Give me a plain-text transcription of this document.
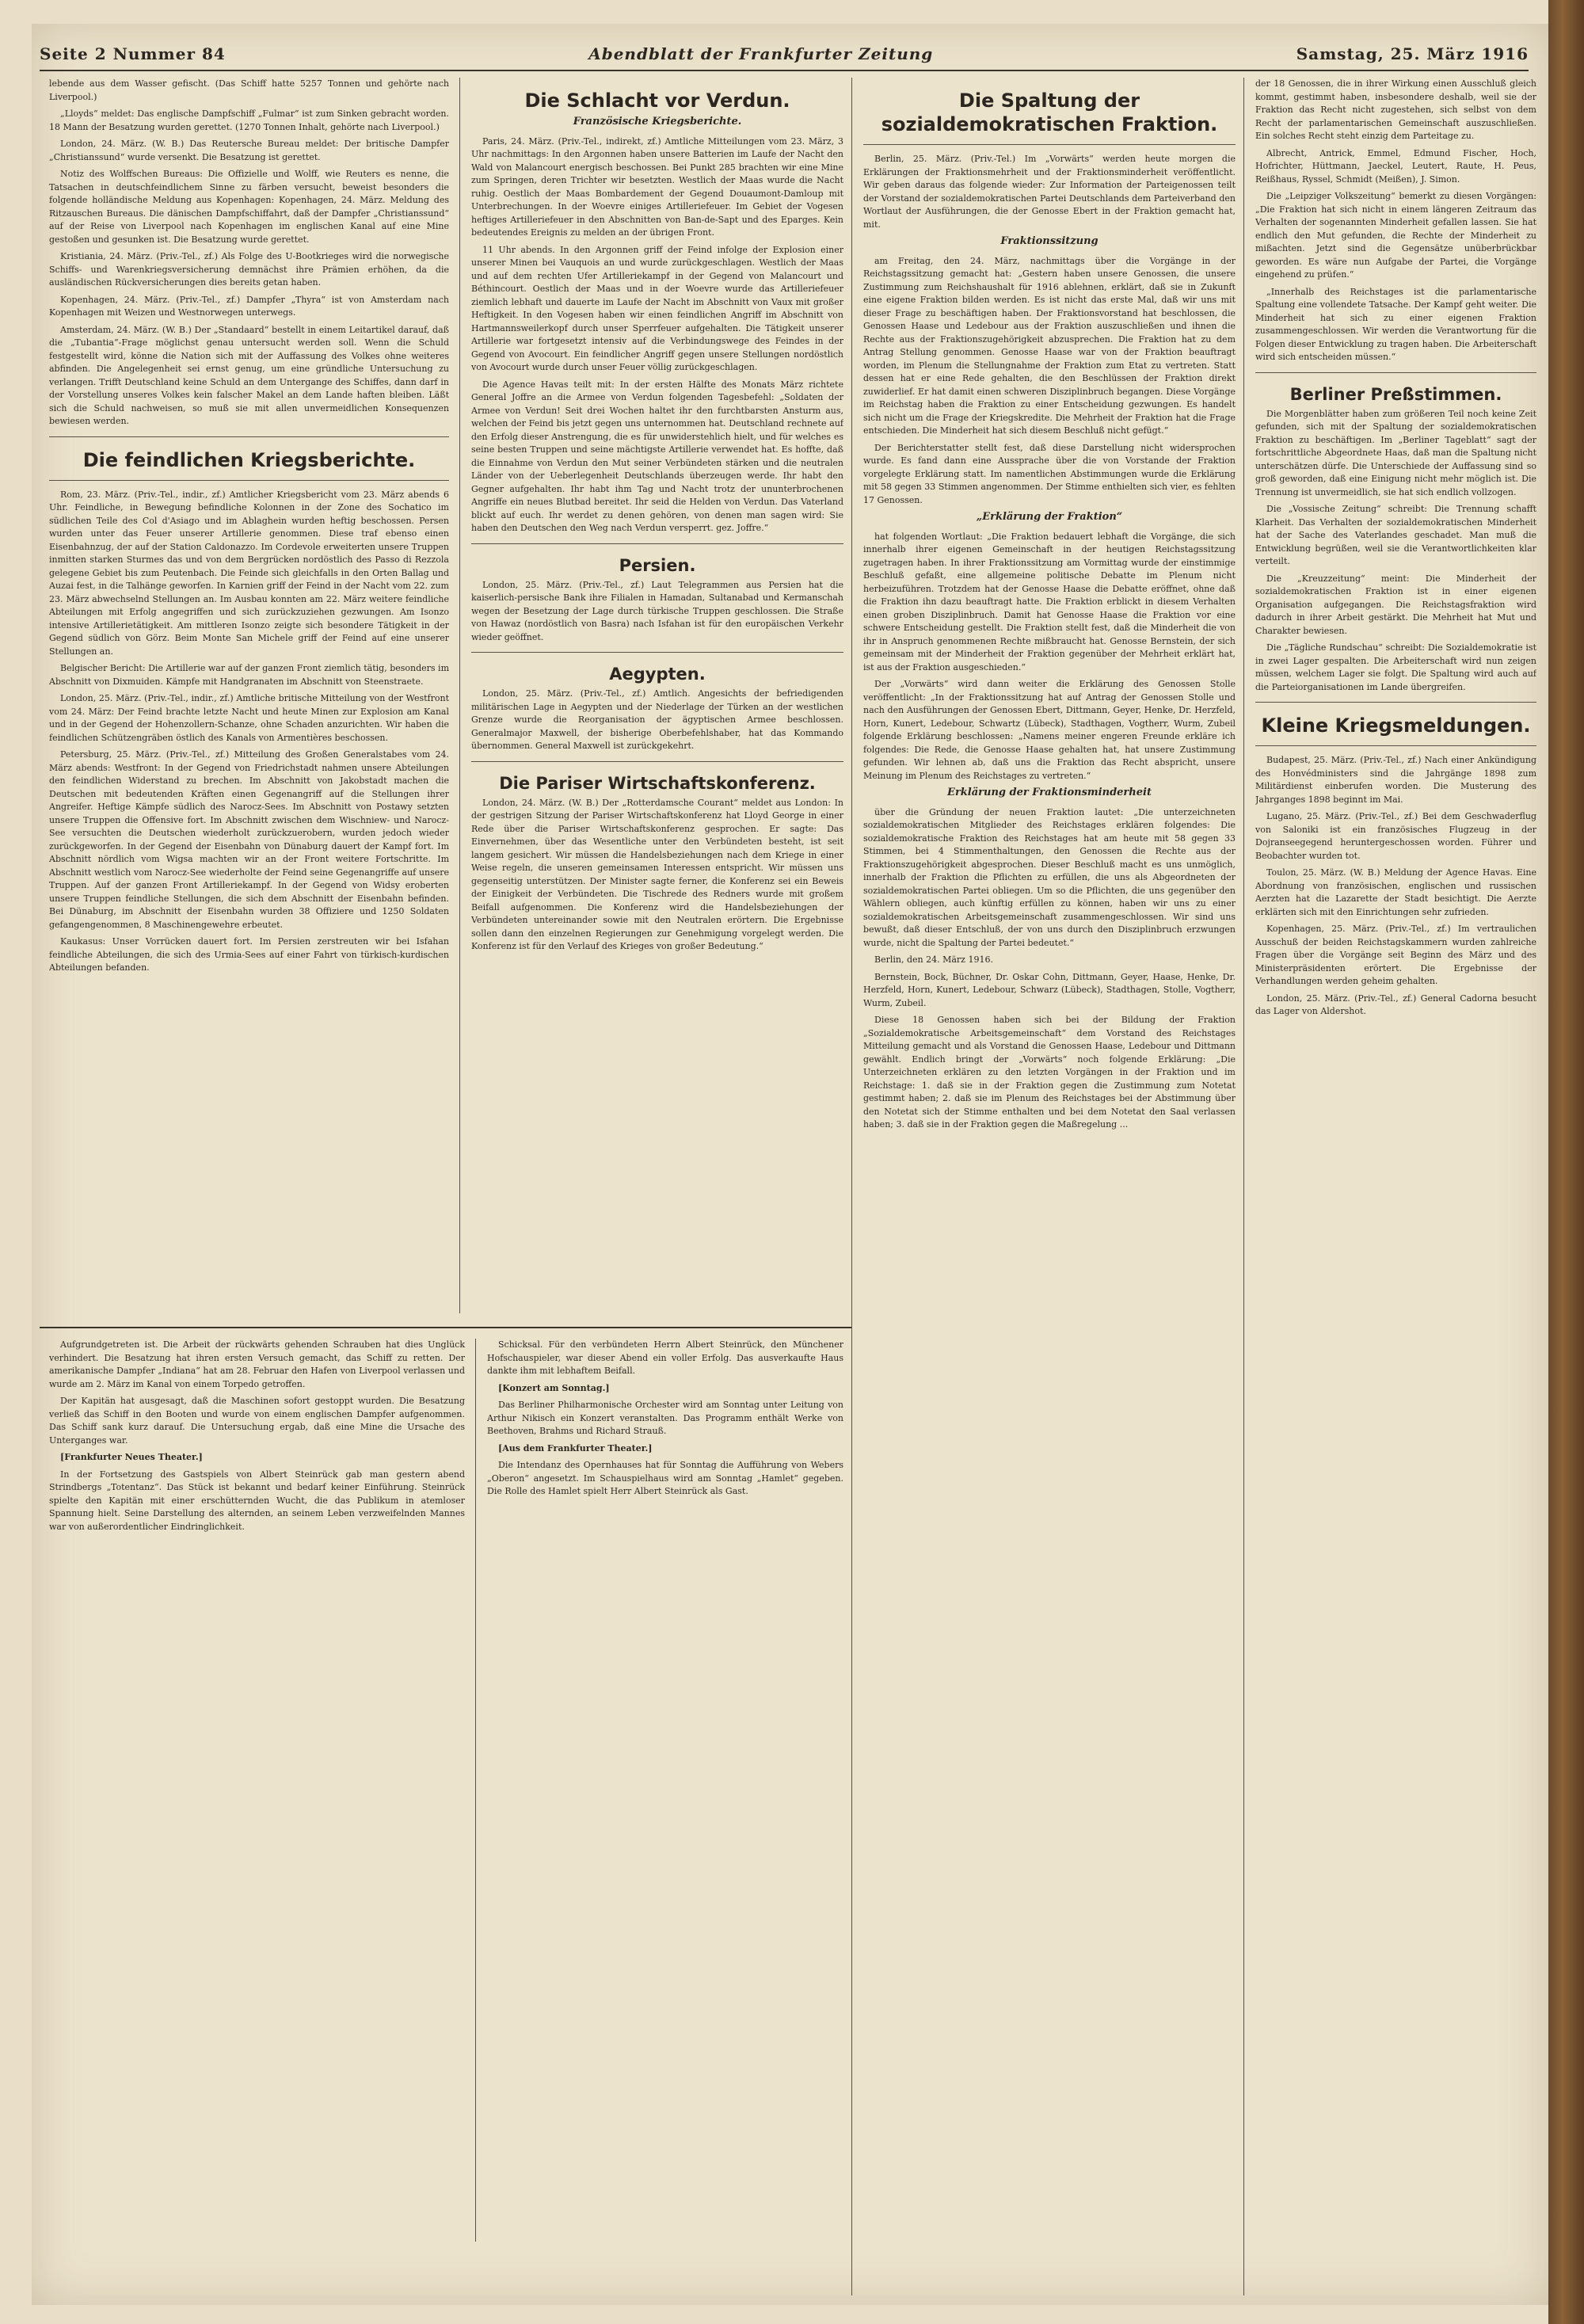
Seite 2 Nummer 84	Abendblatt der Frankfurter Zeitung	Samstag, 25. März 1916

lebende aus dem Wasser gefischt. (Das Schiff hatte 5257 Tonnen und gehörte nach Liverpool.)

„Lloyds“ meldet: Das englische Dampfschiff „Fulmar“ ist zum Sinken gebracht worden. 18 Mann der Besatzung wurden gerettet. (1270 Tonnen Inhalt, gehörte nach Liverpool.)

London, 24. März. (W. B.) Das Reutersche Bureau meldet: Der britische Dampfer „Christianssund“ wurde versenkt. Die Besatzung ist gerettet.

Notiz des Wolffschen Bureaus: Die Offizielle und Wolff, wie Reuters es nenne, die Tatsachen in deutschfeindlichem Sinne zu färben versucht, beweist besonders die folgende holländische Meldung aus Kopenhagen: Kopenhagen, 24. März. Meldung des Ritzauschen Bureaus. Die dänischen Dampfschiffahrt, daß der Dampfer „Christianssund“ auf der Reise von Liverpool nach Kopenhagen im englischen Kanal auf eine Mine gestoßen und gesunken ist. Die Besatzung wurde gerettet.

Kristiania, 24. März. (Priv.-Tel., zf.) Als Folge des U-Bootkrieges wird die norwegische Schiffs- und Warenkriegsversicherung demnächst ihre Prämien erhöhen, da die ausländischen Rückversicherungen dies bereits getan haben.

Kopenhagen, 24. März. (Priv.-Tel., zf.) Dampfer „Thyra“ ist von Amsterdam nach Kopenhagen mit Weizen und Westnorwegen unterwegs.

Amsterdam, 24. März. (W. B.) Der „Standaard“ bestellt in einem Leitartikel darauf, daß die „Tubantia“-Frage möglichst genau untersucht werden soll. Wenn die Schuld festgestellt wird, könne die Nation sich mit der Auffassung des Volkes ohne weiteres abfinden. Die Angelegenheit sei ernst genug, um eine gründliche Untersuchung zu verlangen. Trifft Deutschland keine Schuld an dem Untergange des Schiffes, dann darf in der Vorstellung unseres Volkes kein falscher Makel an dem Lande haften bleiben. Läßt sich die Schuld nachweisen, so muß sie mit allen unvermeidlichen Konsequenzen bewiesen werden.

Die feindlichen Kriegsberichte.

Rom, 23. März. (Priv.-Tel., indir., zf.) Amtlicher Kriegsbericht vom 23. März abends 6 Uhr. Feindliche, in Bewegung befindliche Kolonnen in der Zone des Sochatico im südlichen Teile des Col d'Asiago und im Ablaghein wurden heftig beschossen. Persen wurden unter das Feuer unserer Artillerie genommen. Diese traf ebenso einen Eisenbahnzug, der auf der Station Caldonazzo. Im Cordevole erweiterten unsere Truppen inmitten starken Sturmes das und von dem Bergrücken nordöstlich des Passo di Rezzola gelegene Gebiet bis zum Peutenbach. Die Feinde sich gleichfalls in den Orten Ballag und Auzai fest, in die Talhänge geworfen. In Karnien griff der Feind in der Nacht vom 22. zum 23. März abwechselnd Stellungen an. Im Ausbau konnten am 22. März weitere feindliche Abteilungen mit Erfolg angegriffen und sich zurückzuziehen gezwungen. Am Isonzo intensive Artillerietätigkeit. Am mittleren Isonzo zeigte sich besondere Tätigkeit in der Gegend südlich von Görz. Beim Monte San Michele griff der Feind auf eine unserer Stellungen an.

Belgischer Bericht: Die Artillerie war auf der ganzen Front ziemlich tätig, besonders im Abschnitt von Dixmuiden. Kämpfe mit Handgranaten im Abschnitt von Steenstraete.

London, 25. März. (Priv.-Tel., indir., zf.) Amtliche britische Mitteilung von der Westfront vom 24. März: Der Feind brachte letzte Nacht und heute Minen zur Explosion am Kanal und in der Gegend der Hohenzollern-Schanze, ohne Schaden anzurichten. Wir haben die feindlichen Schützengräben östlich des Kanals von Armentières beschossen.

Petersburg, 25. März. (Priv.-Tel., zf.) Mitteilung des Großen Generalstabes vom 24. März abends: Westfront: In der Gegend von Friedrichstadt nahmen unsere Abteilungen den feindlichen Widerstand zu brechen. Im Abschnitt von Jakobstadt machen die Deutschen mit bedeutenden Kräften einen Gegenangriff auf die Stellungen ihrer Angreifer. Heftige Kämpfe südlich des Narocz-Sees. Im Abschnitt von Postawy setzten unsere Truppen die Offensive fort. Im Abschnitt zwischen dem Wischniew- und Narocz-See versuchten die Deutschen wiederholt zurückzuerobern, wurden jedoch wieder zurückgeworfen. In der Gegend der Eisenbahn von Dünaburg dauert der Kampf fort. Im Abschnitt nördlich vom Wigsa machten wir an der Front weitere Fortschritte. Im Abschnitt westlich vom Narocz-See wiederholte der Feind seine Gegenangriffe auf unsere Truppen. Auf der ganzen Front Artilleriekampf. In der Gegend von Widsy eroberten unsere Truppen feindliche Stellungen, die sich dem Abschnitt der Eisenbahn befinden. Bei Dünaburg, im Abschnitt der Eisenbahn wurden 38 Offiziere und 1250 Soldaten gefangengenommen, 8 Maschinengewehre erbeutet.

Kaukasus: Unser Vorrücken dauert fort. Im Persien zerstreuten wir bei Isfahan feindliche Abteilungen, die sich des Urmia-Sees auf einer Fahrt von türkisch-kurdischen Abteilungen befanden.

Die Schlacht vor Verdun.
Französische Kriegsberichte.

Paris, 24. März. (Priv.-Tel., indirekt, zf.) Amtliche Mitteilungen vom 23. März, 3 Uhr nachmittags: In den Argonnen haben unsere Batterien im Laufe der Nacht den Wald von Malancourt energisch beschossen. Bei Punkt 285 brachten wir eine Mine zum Springen, deren Trichter wir besetzten. Westlich der Maas wurde die Nacht ruhig. Oestlich der Maas Bombardement der Gegend Douaumont-Damloup mit Unterbrechungen. In der Woevre einiges Artilleriefeuer. Im Gebiet der Vogesen heftiges Artilleriefeuer in den Abschnitten von Ban-de-Sapt und des Eparges. Kein bedeutendes Ereignis zu melden an der übrigen Front.

11 Uhr abends. In den Argonnen griff der Feind infolge der Explosion einer unserer Minen bei Vauquois an und wurde zurückgeschlagen. Westlich der Maas und auf dem rechten Ufer Artilleriekampf in der Gegend von Malancourt und Béthincourt. Oestlich der Maas und in der Woevre wurde das Artilleriefeuer ziemlich lebhaft und dauerte im Laufe der Nacht im Abschnitt von Vaux mit großer Heftigkeit. In den Vogesen haben wir einen feindlichen Angriff im Abschnitt von Hartmannsweilerkopf durch unser Sperrfeuer aufgehalten. Die Tätigkeit unserer Artillerie war fortgesetzt intensiv auf die Verbindungswege des Feindes in der Gegend von Avocourt. Ein feindlicher Angriff gegen unsere Stellungen nordöstlich von Avocourt wurde durch unser Feuer völlig zurückgeschlagen.

Die Agence Havas teilt mit: In der ersten Hälfte des Monats März richtete General Joffre an die Armee von Verdun folgenden Tagesbefehl: „Soldaten der Armee von Verdun! Seit drei Wochen haltet ihr den furchtbarsten Ansturm aus, welchen der Feind bis jetzt gegen uns unternommen hat. Deutschland rechnete auf den Erfolg dieser Anstrengung, die es für unwiderstehlich hielt, und für welches es seine besten Truppen und seine mächtigste Artillerie verwendet hat. Es hoffte, daß die Einnahme von Verdun den Mut seiner Verbündeten stärken und die neutralen Länder von der Ueberlegenheit Deutschlands überzeugen werde. Ihr habt den Gegner aufgehalten. Ihr habt ihm Tag und Nacht trotz der ununterbrochenen Angriffe ein neues Blutbad bereitet. Ihr seid die Helden von Verdun. Das Vaterland blickt auf euch. Ihr werdet zu denen gehören, von denen man sagen wird: Sie haben den Deutschen den Weg nach Verdun versperrt. gez. Joffre.“

Persien.

London, 25. März. (Priv.-Tel., zf.) Laut Telegrammen aus Persien hat die kaiserlich-persische Bank ihre Filialen in Hamadan, Sultanabad und Kermanschah wegen der Besetzung der Lage durch türkische Truppen geschlossen. Die Straße von Hawaz (nordöstlich von Basra) nach Isfahan ist für den europäischen Verkehr wieder geöffnet.

Aegypten.

London, 25. März. (Priv.-Tel., zf.) Amtlich. Angesichts der befriedigenden militärischen Lage in Aegypten und der Niederlage der Türken an der westlichen Grenze wurde die Reorganisation der ägyptischen Armee beschlossen. Generalmajor Maxwell, der bisherige Oberbefehlshaber, hat das Kommando übernommen. General Maxwell ist zurückgekehrt.

Die Pariser Wirtschaftskonferenz.

London, 24. März. (W. B.) Der „Rotterdamsche Courant“ meldet aus London: In der gestrigen Sitzung der Pariser Wirtschaftskonferenz hat Lloyd George in einer Rede über die Pariser Wirtschaftskonferenz gesprochen. Er sagte: Das Einvernehmen, über das Wesentliche unter den Verbündeten besteht, ist seit langem gesichert. Wir müssen die Handelsbeziehungen nach dem Kriege in einer Weise regeln, die unseren gemeinsamen Interessen entspricht. Wir müssen uns gegenseitig unterstützen. Der Minister sagte ferner, die Konferenz sei ein Beweis der Einigkeit der Verbündeten. Die Tischrede des Redners wurde mit großem Beifall aufgenommen. Die Konferenz wird die Handelsbeziehungen der Verbündeten untereinander sowie mit den Neutralen erörtern. Die Ergebnisse sollen dann den einzelnen Regierungen zur Genehmigung vorgelegt werden. Die Konferenz ist für den Verlauf des Krieges von großer Bedeutung.“

Die Spaltung der sozialdemokratischen Fraktion.

Berlin, 25. März. (Priv.-Tel.) Im „Vorwärts“ werden heute morgen die Erklärungen der Fraktionsmehrheit und der Fraktionsminderheit veröffentlicht. Wir geben daraus das folgende wieder: Zur Information der Parteigenossen teilt der Vorstand der sozialdemokratischen Partei Deutschlands dem Parteiverband den Wortlaut der Ausführungen, die der Genosse Ebert in der Fraktion gemacht hat, mit.

Fraktionssitzung

am Freitag, den 24. März, nachmittags über die Vorgänge in der Reichstagssitzung gemacht hat: „Gestern haben unsere Genossen, die unsere Zustimmung zum Reichshaushalt für 1916 ablehnen, erklärt, daß sie in Zukunft eine eigene Fraktion bilden werden. Es ist nicht das erste Mal, daß wir uns mit dieser Frage zu beschäftigen haben. Der Fraktionsvorstand hat beschlossen, die Genossen Haase und Ledebour aus der Fraktion auszuschließen und ihnen die Rechte aus der Fraktionszugehörigkeit abzusprechen. Die Fraktion hat zu dem Antrag Stellung genommen. Genosse Haase war von der Fraktion beauftragt worden, im Plenum die Stellungnahme der Fraktion zum Etat zu vertreten. Statt dessen hat er eine Rede gehalten, die den Beschlüssen der Fraktion direkt zuwiderlief. Er hat damit einen schweren Disziplinbruch begangen. Diese Vorgänge im Reichstag haben die Fraktion zu einer Entscheidung gezwungen. Es handelt sich nicht um die Frage der Kriegskredite. Die Mehrheit der Fraktion hat die Frage entschieden. Die Minderheit hat sich diesem Beschluß nicht gefügt.“

Der Berichterstatter stellt fest, daß diese Darstellung nicht widersprochen wurde. Es fand dann eine Aussprache über die von Vorstande der Fraktion vorgelegte Erklärung statt. Im namentlichen Abstimmungen wurde die Erklärung mit 58 gegen 33 Stimmen angenommen. Der Stimme enthielten sich vier, es fehlten 17 Genossen.

„Erklärung der Fraktion“

hat folgenden Wortlaut: „Die Fraktion bedauert lebhaft die Vorgänge, die sich innerhalb ihrer eigenen Gemeinschaft in der heutigen Reichstagssitzung zugetragen haben. In ihrer Fraktionssitzung am Vormittag wurde der einstimmige Beschluß gefaßt, eine allgemeine politische Debatte im Plenum nicht herbeizuführen. Trotzdem hat der Genosse Haase die Debatte eröffnet, ohne daß die Fraktion ihn dazu beauftragt hatte. Die Fraktion erblickt in diesem Verhalten einen groben Disziplinbruch. Damit hat Genosse Haase die Fraktion vor eine schwere Entscheidung gestellt. Die Fraktion stellt fest, daß die Minderheit die von ihr in Anspruch genommenen Rechte mißbraucht hat. Genosse Bernstein, der sich gemeinsam mit der Minderheit der Fraktion gegenüber der Mehrheit erklärt hat, ist aus der Fraktion ausgeschieden.“

Der „Vorwärts“ wird dann weiter die Erklärung des Genossen Stolle veröffentlicht: „In der Fraktionssitzung hat auf Antrag der Genossen Stolle und nach den Ausführungen der Genossen Ebert, Dittmann, Geyer, Henke, Dr. Herzfeld, Horn, Kunert, Ledebour, Schwartz (Lübeck), Stadthagen, Vogtherr, Wurm, Zubeil folgende Erklärung beschlossen: „Namens meiner engeren Freunde erkläre ich folgendes: Die Rede, die Genosse Haase gehalten hat, hat unsere Zustimmung gefunden. Wir lehnen ab, daß uns die Fraktion das Recht abspricht, unsere Meinung im Plenum des Reichstages zu vertreten.“

Erklärung der Fraktionsminderheit

über die Gründung der neuen Fraktion lautet: „Die unterzeichneten sozialdemokratischen Mitglieder des Reichstages erklären folgendes: Die sozialdemokratische Fraktion des Reichstages hat am heute mit 58 gegen 33 Stimmen, bei 4 Stimmenthaltungen, den Genossen die Rechte aus der Fraktionszugehörigkeit abgesprochen. Dieser Beschluß macht es uns unmöglich, innerhalb der Fraktion die Pflichten zu erfüllen, die uns als Abgeordneten der sozialdemokratischen Partei obliegen. Um so die Pflichten, die uns gegenüber den Wählern obliegen, auch künftig erfüllen zu können, haben wir uns zu einer sozialdemokratischen Arbeitsgemeinschaft zusammengeschlossen. Wir sind uns bewußt, daß dieser Entschluß, der von uns durch den Disziplinbruch erzwungen wurde, nicht die Spaltung der Partei bedeutet.“

Berlin, den 24. März 1916.

Bernstein, Bock, Büchner, Dr. Oskar Cohn, Dittmann, Geyer, Haase, Henke, Dr. Herzfeld, Horn, Kunert, Ledebour, Schwarz (Lübeck), Stadthagen, Stolle, Vogtherr, Wurm, Zubeil.

Diese 18 Genossen haben sich bei der Bildung der Fraktion „Sozialdemokratische Arbeitsgemeinschaft“ dem Vorstand des Reichstages Mitteilung gemacht und als Vorstand die Genossen Haase, Ledebour und Dittmann gewählt. Endlich bringt der „Vorwärts“ noch folgende Erklärung: „Die Unterzeichneten erklären zu den letzten Vorgängen in der Fraktion und im Reichstage: 1. daß sie in der Fraktion gegen die Zustimmung zum Notetat gestimmt haben; 2. daß sie im Plenum des Reichstages bei der Abstimmung über den Notetat sich der Stimme enthalten und bei dem Notetat den Saal verlassen haben; 3. daß sie in der Fraktion gegen die Maßregelung ...

der 18 Genossen, die in ihrer Wirkung einen Ausschluß gleich kommt, gestimmt haben, insbesondere deshalb, weil sie der Fraktion das Recht nicht zugestehen, sich selbst von dem Recht der parlamentarischen Gemeinschaft auszuschließen. Ein solches Recht steht einzig dem Parteitage zu.

Albrecht, Antrick, Emmel, Edmund Fischer, Hoch, Hofrichter, Hüttmann, Jaeckel, Leutert, Raute, H. Peus, Reißhaus, Ryssel, Schmidt (Meißen), J. Simon.

Die „Leipziger Volkszeitung“ bemerkt zu diesen Vorgängen: „Die Fraktion hat sich nicht in einem längeren Zeitraum das Verhalten der sogenannten Minderheit gefallen lassen. Sie hat endlich den Mut gefunden, die Rechte der Minderheit zu mißachten. Jetzt sind die Gegensätze unüberbrückbar geworden. Es wäre nun Aufgabe der Partei, die Vorgänge eingehend zu prüfen.“

„Innerhalb des Reichstages ist die parlamentarische Spaltung eine vollendete Tatsache. Der Kampf geht weiter. Die Minderheit hat sich zu einer eigenen Fraktion zusammengeschlossen. Wir werden die Verantwortung für die Folgen dieser Entwicklung zu tragen haben. Die Arbeiterschaft wird sich entscheiden müssen.“

Berliner Preßstimmen.

Die Morgenblätter haben zum größeren Teil noch keine Zeit gefunden, sich mit der Spaltung der sozialdemokratischen Fraktion zu beschäftigen. Im „Berliner Tageblatt“ sagt der fortschrittliche Abgeordnete Haas, daß man die Spaltung nicht unterschätzen dürfe. Die Unterschiede der Auffassung sind so groß geworden, daß eine Einigung nicht mehr möglich ist. Die Trennung ist unvermeidlich, sie hat sich endlich vollzogen.

Die „Vossische Zeitung“ schreibt: Die Trennung schafft Klarheit. Das Verhalten der sozialdemokratischen Minderheit hat der Sache des Vaterlandes geschadet. Man muß die Entwicklung begrüßen, weil sie die Verantwortlichkeiten klar verteilt.

Die „Kreuzzeitung“ meint: Die Minderheit der sozialdemokratischen Fraktion ist in einer eigenen Organisation aufgegangen. Die Reichstagsfraktion wird dadurch in ihrer Arbeit gestärkt. Die Mehrheit hat Mut und Charakter bewiesen.

Die „Tägliche Rundschau“ schreibt: Die Sozialdemokratie ist in zwei Lager gespalten. Die Arbeiterschaft wird nun zeigen müssen, welchem Lager sie folgt. Die Spaltung wird auch auf die Parteiorganisationen im Lande übergreifen.

Kleine Kriegsmeldungen.

Budapest, 25. März. (Priv.-Tel., zf.) Nach einer Ankündigung des Honvédministers sind die Jahrgänge 1898 zum Militärdienst einberufen worden. Die Musterung des Jahrganges 1898 beginnt im Mai.

Lugano, 25. März. (Priv.-Tel., zf.) Bei dem Geschwaderflug von Saloniki ist ein französisches Flugzeug in der Dojranseegegend heruntergeschossen worden. Führer und Beobachter wurden tot.

Toulon, 25. März. (W. B.) Meldung der Agence Havas. Eine Abordnung von französischen, englischen und russischen Aerzten hat die Lazarette der Stadt besichtigt. Die Aerzte erklärten sich mit den Einrichtungen sehr zufrieden.

Kopenhagen, 25. März. (Priv.-Tel., zf.) Im vertraulichen Ausschuß der beiden Reichstagskammern wurden zahlreiche Fragen über die Vorgänge seit Beginn des März und des Ministerpräsidenten erörtert. Die Ergebnisse der Verhandlungen werden geheim gehalten.

London, 25. März. (Priv.-Tel., zf.) General Cadorna besucht das Lager von Aldershot.

Aufgrundgetreten ist. Die Arbeit der rückwärts gehenden Schrauben hat dies Unglück verhindert. Die Besatzung hat ihren ersten Versuch gemacht, das Schiff zu retten. Der amerikanische Dampfer „Indiana“ hat am 28. Februar den Hafen von Liverpool verlassen und wurde am 2. März im Kanal von einem Torpedo getroffen.

Der Kapitän hat ausgesagt, daß die Maschinen sofort gestoppt wurden. Die Besatzung verließ das Schiff in den Booten und wurde von einem englischen Dampfer aufgenommen. Das Schiff sank kurz darauf. Die Untersuchung ergab, daß eine Mine die Ursache des Unterganges war.

[Frankfurter Neues Theater.]

In der Fortsetzung des Gastspiels von Albert Steinrück gab man gestern abend Strindbergs „Totentanz“. Das Stück ist bekannt und bedarf keiner Einführung. Steinrück spielte den Kapitän mit einer erschütternden Wucht, die das Publikum in atemloser Spannung hielt. Seine Darstellung des alternden, an seinem Leben verzweifelnden Mannes war von außerordentlicher Eindringlichkeit.

Schicksal. Für den verbündeten Herrn Albert Steinrück, den Münchener Hofschauspieler, war dieser Abend ein voller Erfolg. Das ausverkaufte Haus dankte ihm mit lebhaftem Beifall.

[Konzert am Sonntag.]

Das Berliner Philharmonische Orchester wird am Sonntag unter Leitung von Arthur Nikisch ein Konzert veranstalten. Das Programm enthält Werke von Beethoven, Brahms und Richard Strauß.

[Aus dem Frankfurter Theater.]

Die Intendanz des Opernhauses hat für Sonntag die Aufführung von Webers „Oberon“ angesetzt. Im Schauspielhaus wird am Sonntag „Hamlet“ gegeben. Die Rolle des Hamlet spielt Herr Albert Steinrück als Gast.
